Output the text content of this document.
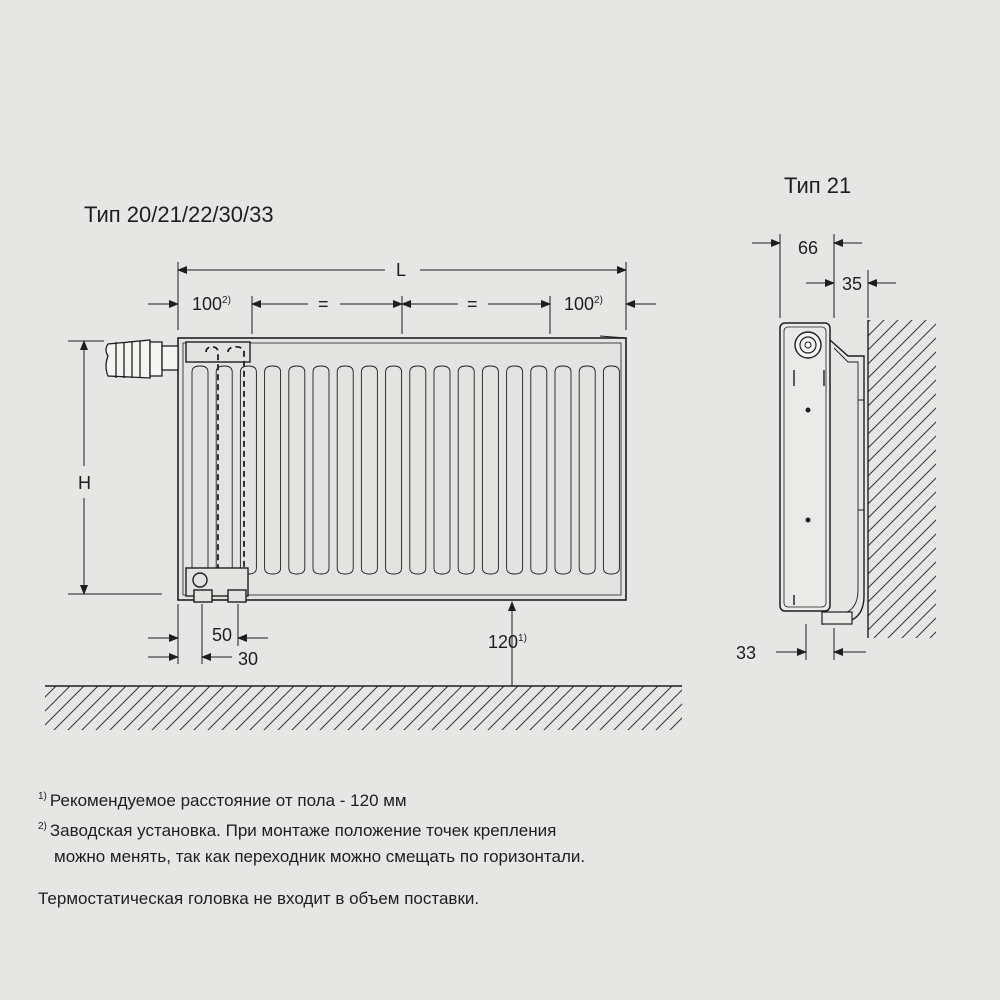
Тип 20/21/22/30/33
Тип 21
L
$100^{2)}$	=	=	$100^{2)}$
H
50
30
120$^{1)}$
66
35
33
$^{1)}$ Рекомендуемое расстояние от пола - 120 мм
$^{2)}$ Заводская установка. При монтаже положение точек крепления
можно менять, так как переходник можно смещать по горизонтали.
Термостатическая головка не входит в объем поставки.
